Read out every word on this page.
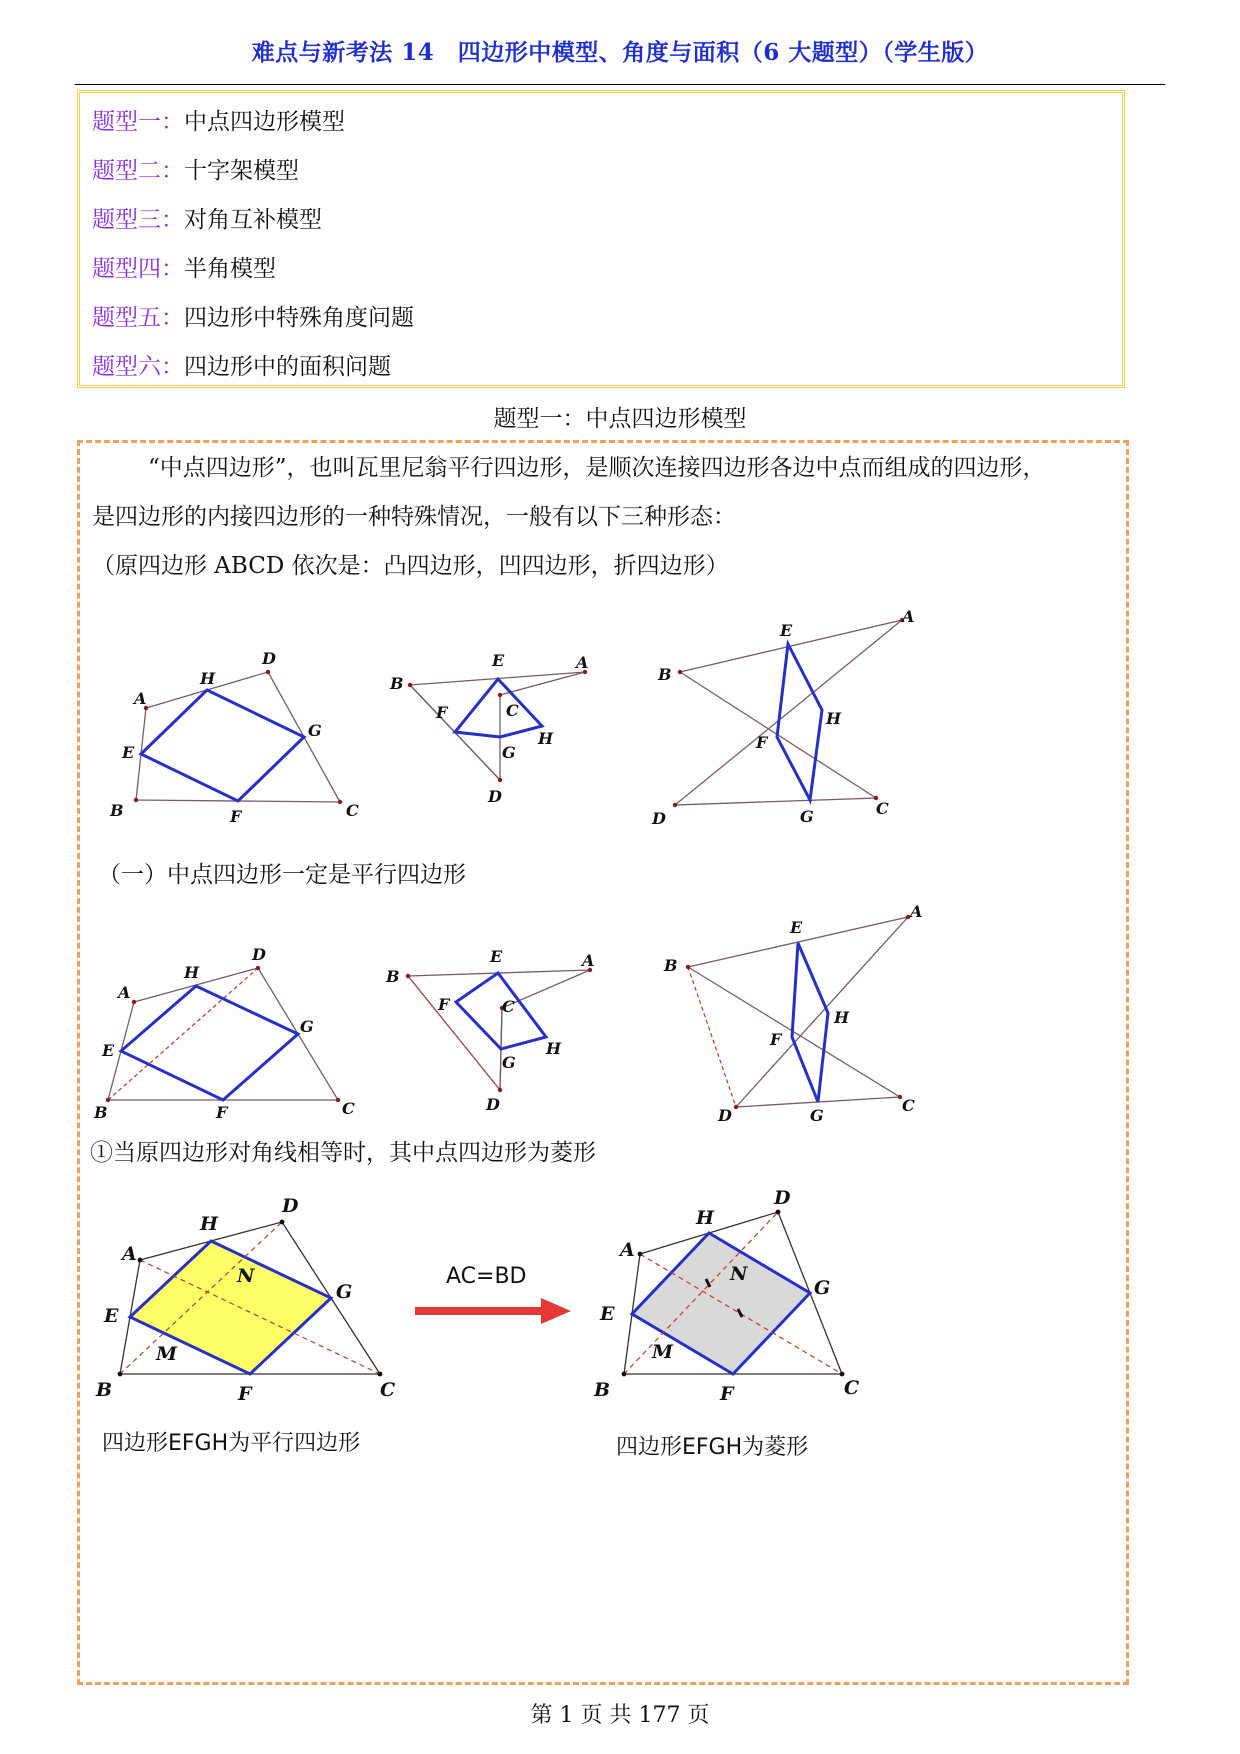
难点与新考法 14　四边形中模型、角度与面积（6 大题型）（学生版）
题型一：中点四边形模型
题型二：十字架模型
题型三：对角互补模型
题型四：半角模型
题型五：四边形中特殊角度问题
题型六：四边形中的面积问题
题型一：中点四边形模型
“中点四边形”，也叫瓦里尼翁平行四边形，是顺次连接四边形各边中点而组成的四边形，
是四边形的内接四边形的一种特殊情况，一般有以下三种形态：
（原四边形 ABCD 依次是：凸四边形，凹四边形，折四边形）
A
H
D
G
E
B	F	C
B
E	A
F	C
H
G
D
B
E
A
H
F
C
D	G
（一）中点四边形一定是平行四边形
A
H
D
G
E
B	F	C
B
E	A
F	C
H
G
D
B
E
A
H
F
C
D	G
①当原四边形对角线相等时，其中点四边形为菱形
A
H
D
N
G
E
M
B	F	C
AC=BD
A
H
D
N
G
E
M
B	F	C
四边形EFGH为平行四边形	四边形EFGH为菱形
第 1 页 共 177 页
